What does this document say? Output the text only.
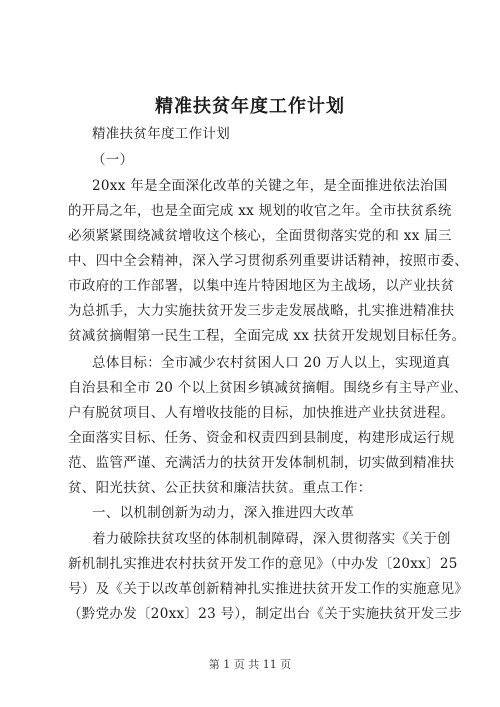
精准扶贫年度工作计划
精准扶贫年度工作计划
（一）
20xx 年是全面深化改革的关键之年，是全面推进依法治国
的开局之年，也是全面完成 xx 规划的收官之年。全市扶贫系统
必须紧紧围绕减贫增收这个核心，全面贯彻落实党的和 xx 届三
中、四中全会精神，深入学习贯彻系列重要讲话精神，按照市委、
市政府的工作部署，以集中连片特困地区为主战场，以产业扶贫
为总抓手，大力实施扶贫开发三步走发展战略，扎实推进精准扶
贫减贫摘帽第一民生工程，全面完成 xx 扶贫开发规划目标任务。
总体目标：全市减少农村贫困人口 20 万人以上，实现道真
自治县和全市 20 个以上贫困乡镇减贫摘帽。围绕乡有主导产业、
户有脱贫项目、人有增收技能的目标，加快推进产业扶贫进程。
全面落实目标、任务、资金和权责四到县制度，构建形成运行规
范、监管严谨、充满活力的扶贫开发体制机制，切实做到精准扶
贫、阳光扶贫、公正扶贫和廉洁扶贫。重点工作：
一、以机制创新为动力，深入推进四大改革
着力破除扶贫攻坚的体制机制障碍，深入贯彻落实《关于创
新机制扎实推进农村扶贫开发工作的意见》（中办发〔20xx〕25
号）及《关于以改革创新精神扎实推进扶贫开发工作的实施意见》
（黔党办发〔20xx〕23 号），制定出台《关于实施扶贫开发三步
第 1 页 共 11 页
